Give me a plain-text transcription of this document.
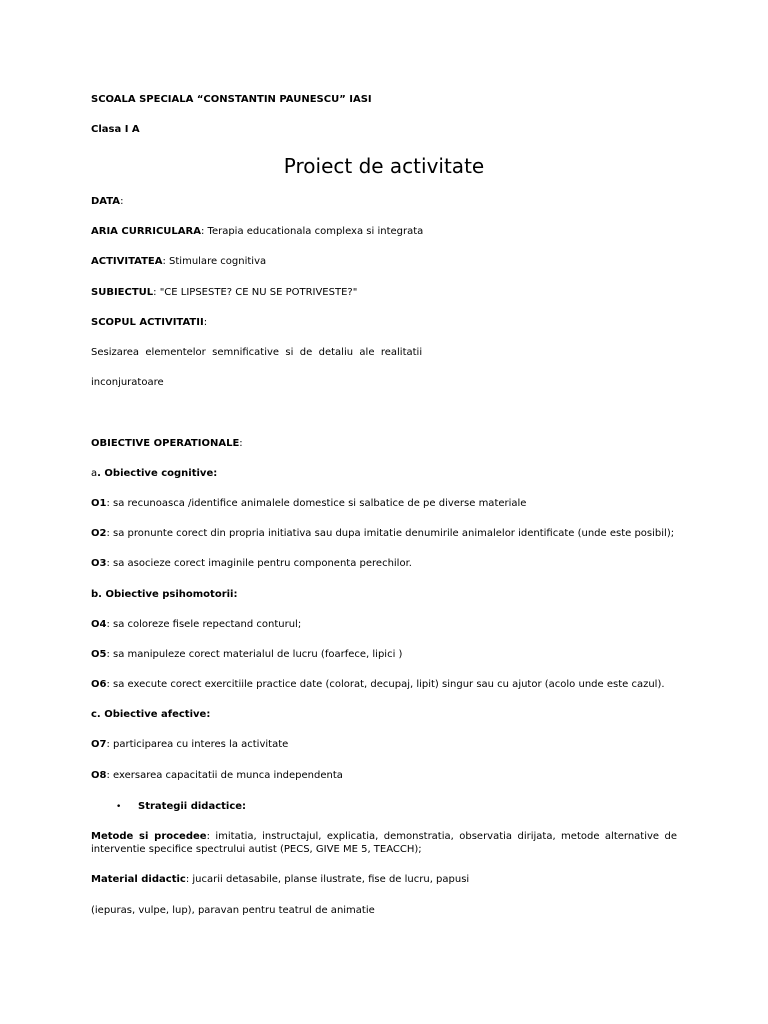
SCOALA SPECIALA “CONSTANTIN PAUNESCU” IASI
Clasa I A
Proiect de activitate
DATA:
ARIA CURRICULARA: Terapia educationala complexa si integrata
ACTIVITATEA: Stimulare cognitiva
SUBIECTUL: "CE LIPSESTE? CE NU SE POTRIVESTE?"
SCOPUL ACTIVITATII:
Sesizarea  elementelor  semnificative  si  de  detaliu  ale  realitatii
inconjuratoare
OBIECTIVE OPERATIONALE:
a. Obiective cognitive:
O1: sa recunoasca /identifice animalele domestice si salbatice de pe diverse materiale
O2: sa pronunte corect din propria initiativa sau dupa imitatie denumirile animalelor identificate (unde este posibil);
O3: sa asocieze corect imaginile pentru componenta perechilor.
b. Obiective psihomotorii:
O4: sa coloreze fisele repectand conturul;
O5: sa manipuleze corect materialul de lucru (foarfece, lipici )
O6: sa execute corect exercitiile practice date (colorat, decupaj, lipit) singur sau cu ajutor (acolo unde este cazul).
c. Obiective afective:
O7: participarea cu interes la activitate
O8: exersarea capacitatii de munca independenta
• Strategii didactice:
Metode si procedee: imitatia, instructajul, explicatia, demonstratia, observatia dirijata, metode alternative de
interventie specifice spectrului autist (PECS, GIVE ME 5, TEACCH);
Material didactic: jucarii detasabile, planse ilustrate, fise de lucru, papusi
(iepuras, vulpe, lup), paravan pentru teatrul de animatie
